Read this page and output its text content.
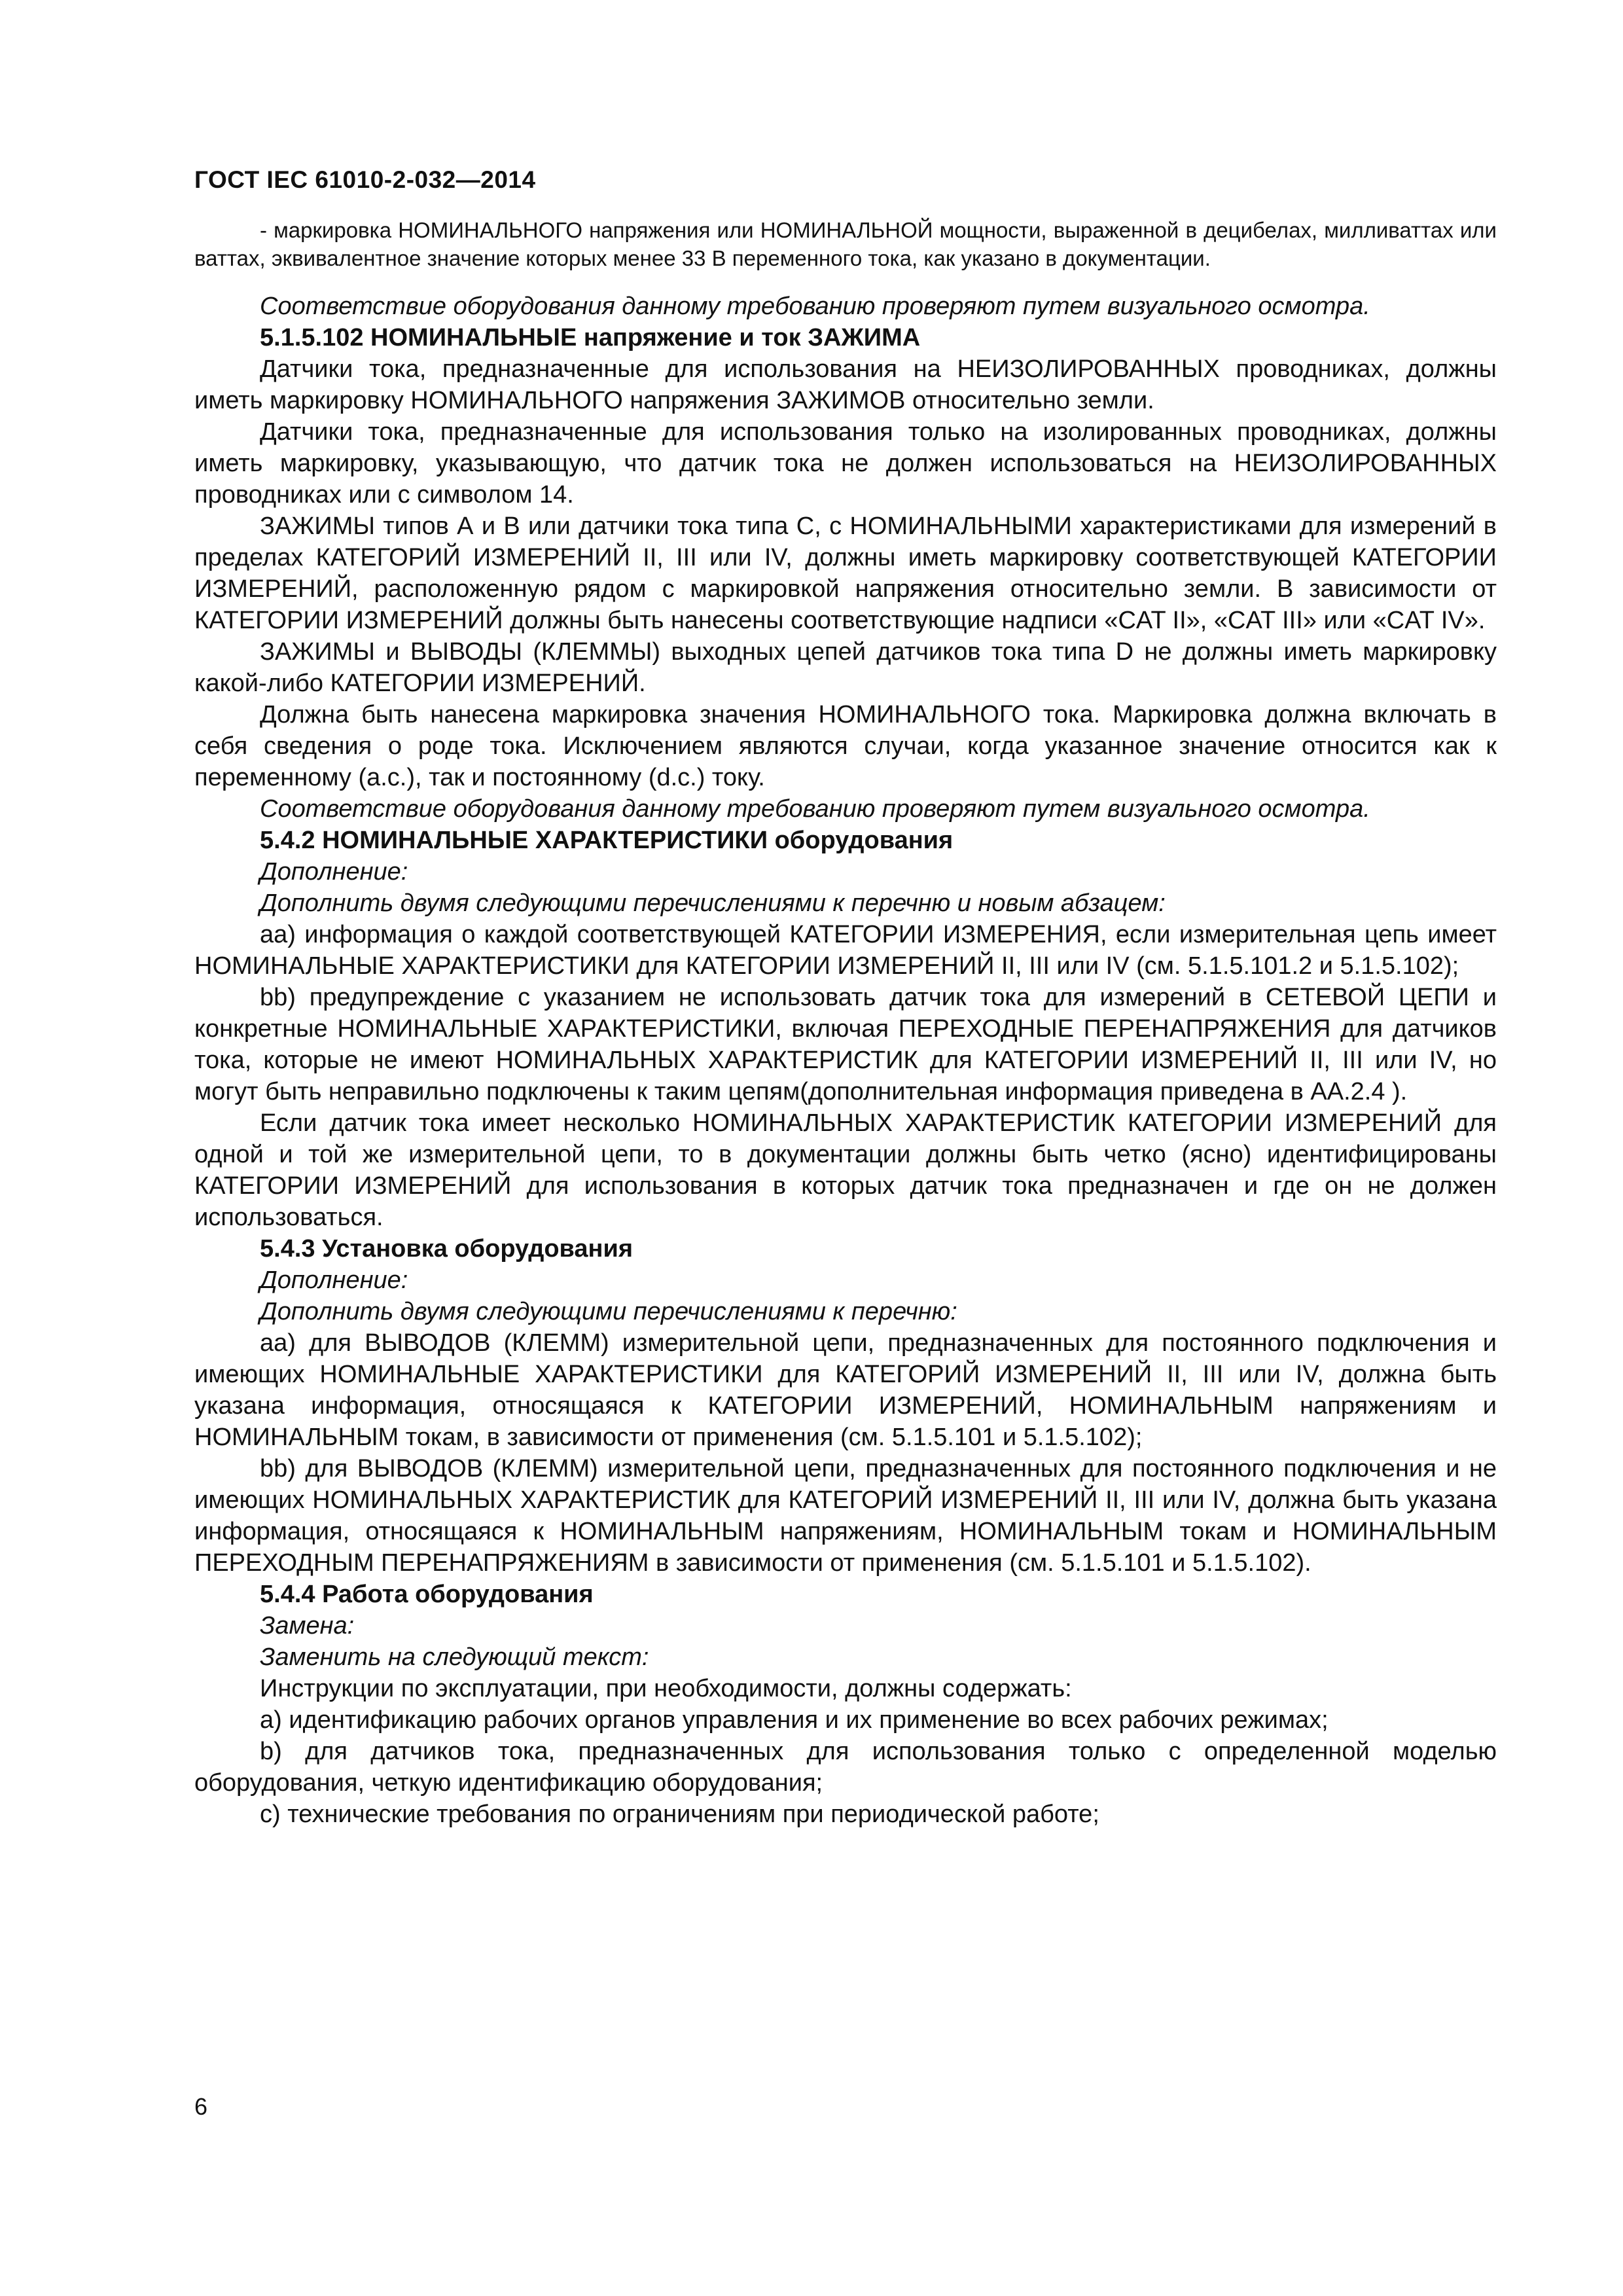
ГОСТ IEC 61010-2-032—2014

- маркировка НОМИНАЛЬНОГО напряжения или НОМИНАЛЬНОЙ мощности, выраженной в децибелах, милливаттах или ваттах, эквивалентное значение которых менее 33 В переменного тока, как указано в документации.

Соответствие оборудования данному требованию проверяют путем визуального осмотра.

5.1.5.102 НОМИНАЛЬНЫЕ напряжение и ток ЗАЖИМА

Датчики тока, предназначенные для использования на НЕИЗОЛИРОВАННЫХ проводниках, должны иметь маркировку НОМИНАЛЬНОГО напряжения ЗАЖИМОВ относительно земли.

Датчики тока, предназначенные для использования только на изолированных проводниках, должны иметь маркировку, указывающую, что датчик тока не должен использоваться на НЕИЗОЛИРОВАННЫХ проводниках или с символом 14.

ЗАЖИМЫ типов А и В или датчики тока типа С, с НОМИНАЛЬНЫМИ характеристиками для измерений в пределах КАТЕГОРИЙ ИЗМЕРЕНИЙ II, III или IV, должны иметь маркировку соответствующей КАТЕГОРИИ ИЗМЕРЕНИЙ, расположенную рядом с маркировкой напряжения относительно земли. В зависимости от КАТЕГОРИИ ИЗМЕРЕНИЙ должны быть нанесены соответствующие надписи «CAT II», «CAT III» или «CAT IV».

ЗАЖИМЫ и ВЫВОДЫ (КЛЕММЫ) выходных цепей датчиков тока типа D не должны иметь маркировку какой-либо КАТЕГОРИИ ИЗМЕРЕНИЙ.

Должна быть нанесена маркировка значения НОМИНАЛЬНОГО тока. Маркировка должна включать в себя сведения о роде тока. Исключением являются случаи, когда указанное значение относится как к переменному (a.c.), так и постоянному (d.c.) току.

Соответствие оборудования данному требованию проверяют путем визуального осмотра.

5.4.2 НОМИНАЛЬНЫЕ ХАРАКТЕРИСТИКИ оборудования

Дополнение:

Дополнить двумя следующими перечислениями к перечню и новым абзацем:

aa) информация о каждой соответствующей КАТЕГОРИИ ИЗМЕРЕНИЯ, если измерительная цепь имеет НОМИНАЛЬНЫЕ ХАРАКТЕРИСТИКИ для КАТЕГОРИИ ИЗМЕРЕНИЙ II, III или IV (см. 5.1.5.101.2 и 5.1.5.102);

bb) предупреждение с указанием не использовать датчик тока для измерений в СЕТЕВОЙ ЦЕПИ и конкретные НОМИНАЛЬНЫЕ ХАРАКТЕРИСТИКИ, включая ПЕРЕХОДНЫЕ ПЕРЕНАПРЯЖЕНИЯ для датчиков тока, которые не имеют НОМИНАЛЬНЫХ ХАРАКТЕРИСТИК для КАТЕГОРИИ ИЗМЕРЕНИЙ II, III или IV, но могут быть неправильно подключены к таким цепям(дополнительная информация приведена в АА.2.4 ).

Если датчик тока имеет несколько НОМИНАЛЬНЫХ ХАРАКТЕРИСТИК КАТЕГОРИИ ИЗМЕРЕНИЙ для одной и той же измерительной цепи, то в документации должны быть четко (ясно) идентифицированы КАТЕГОРИИ ИЗМЕРЕНИЙ для использования в которых датчик тока предназначен и где он не должен использоваться.

5.4.3 Установка оборудования

Дополнение:

Дополнить двумя следующими перечислениями к перечню:

aa) для ВЫВОДОВ (КЛЕММ) измерительной цепи, предназначенных для постоянного подключения и имеющих НОМИНАЛЬНЫЕ ХАРАКТЕРИСТИКИ для КАТЕГОРИЙ ИЗМЕРЕНИЙ II, III или IV, должна быть указана информация, относящаяся к КАТЕГОРИИ ИЗМЕРЕНИЙ, НОМИНАЛЬНЫМ напряжениям и НОМИНАЛЬНЫМ токам, в зависимости от применения (см. 5.1.5.101 и 5.1.5.102);

bb) для ВЫВОДОВ (КЛЕММ) измерительной цепи, предназначенных для постоянного подключения и не имеющих НОМИНАЛЬНЫХ ХАРАКТЕРИСТИК для КАТЕГОРИЙ ИЗМЕРЕНИЙ II, III или IV, должна быть указана информация, относящаяся к НОМИНАЛЬНЫМ напряжениям, НОМИНАЛЬНЫМ токам и НОМИНАЛЬНЫМ ПЕРЕХОДНЫМ ПЕРЕНАПРЯЖЕНИЯМ в зависимости от применения (см. 5.1.5.101 и 5.1.5.102).

5.4.4 Работа оборудования

Замена:

Заменить на следующий текст:

Инструкции по эксплуатации, при необходимости, должны содержать:

a) идентификацию рабочих органов управления и их применение во всех рабочих режимах;

b) для датчиков тока, предназначенных для использования только с определенной моделью оборудования, четкую идентификацию оборудования;

c) технические требования по ограничениям при периодической работе;

6
